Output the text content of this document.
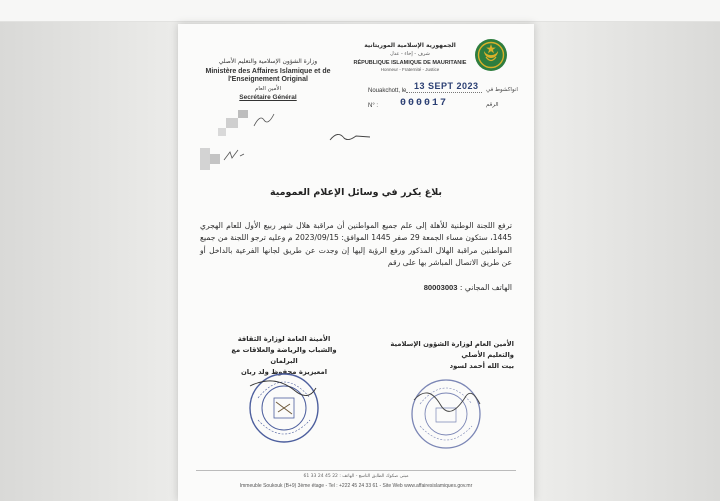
الجمهورية الإسلامية الموريتانية
شرف - إخاء - عدل
RÉPUBLIQUE ISLAMIQUE DE MAURITANIE
Honneur - Fraternité - Justice
وزارة الشؤون الإسلامية والتعليم الأصلي
Ministère des Affaires Islamique et de l'Enseignement Original
الأمين العام
Secrétaire Général
Nouakchott, le 13 SEPT 2023 انواكشوط في
N° : 000017	الرقم
بلاغ يكرر في وسائل الإعلام العمومية
ترفع اللجنة الوطنية للأهلة إلى علم جميع المواطنين أن مراقبة هلال شهر ربيع الأول للعام الهجري 1445، ستكون مساء الجمعة 29 صفر 1445 الموافق: 2023/09/15 م وعليه ترجو اللجنة من جميع المواطنين مراقبة الهلال المذكور ورفع الرؤية إليها إن وجدت عن طريق لجانها الفرعية بالداخل أو عن طريق الاتصال المباشر بها على رقم
الهاتف المجاني : 80003003
الأمينة العامة لوزارة الثقافة
والشباب والرياضة والعلاقات مع البرلمان
امعيزيزة محفوظ ولد ربان
الأمين العام لوزارة الشؤون الإسلامية
والتعليم الأصلي
بيت الله أحمد لسود
مبنى صكوك الطابق التاسع - الهاتف : 22 45 24 33 61
Immeuble Soukouk (B+9) 3ème étage - Tel : +222 45 24 33 61 - Site Web www.affairesislamiques.gov.mr
